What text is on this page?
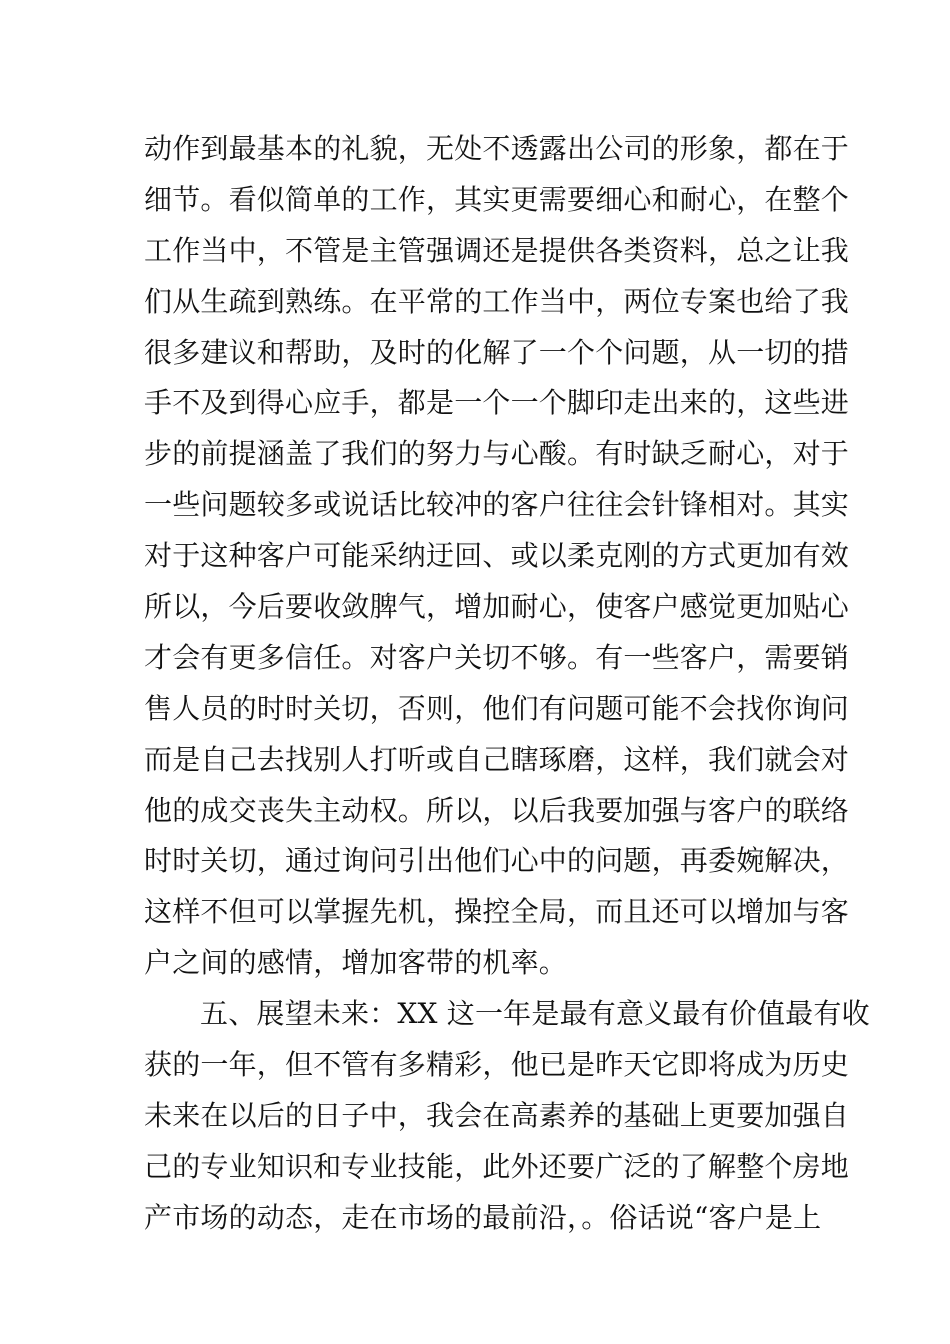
动作到最基本的礼貌，无处不透露出公司的形象，都在于
细节。看似简单的工作，其实更需要细心和耐心，在整个
工作当中，不管是主管强调还是提供各类资料，总之让我
们从生疏到熟练。在平常的工作当中，两位专案也给了我
很多建议和帮助，及时的化解了一个个问题，从一切的措
手不及到得心应手，都是一个一个脚印走出来的，这些进
步的前提涵盖了我们的努力与心酸。有时缺乏耐心，对于
一些问题较多或说话比较冲的客户往往会针锋相对。其实
对于这种客户可能采纳迂回、或以柔克刚的方式更加有效
所以，今后要收敛脾气，增加耐心，使客户感觉更加贴心
才会有更多信任。对客户关切不够。有一些客户，需要销
售人员的时时关切，否则，他们有问题可能不会找你询问
而是自己去找别人打听或自己瞎琢磨，这样，我们就会对
他的成交丧失主动权。所以，以后我要加强与客户的联络
时时关切，通过询问引出他们心中的问题，再委婉解决，
这样不但可以掌握先机，操控全局，而且还可以增加与客
户之间的感情，增加客带的机率。
五、展望未来：XX 这一年是最有意义最有价值最有收
获的一年，但不管有多精彩，他已是昨天它即将成为历史
未来在以后的日子中，我会在高素养的基础上更要加强自
己的专业知识和专业技能，此外还要广泛的了解整个房地
产市场的动态，走在市场的最前沿，。俗话说“客户是上
